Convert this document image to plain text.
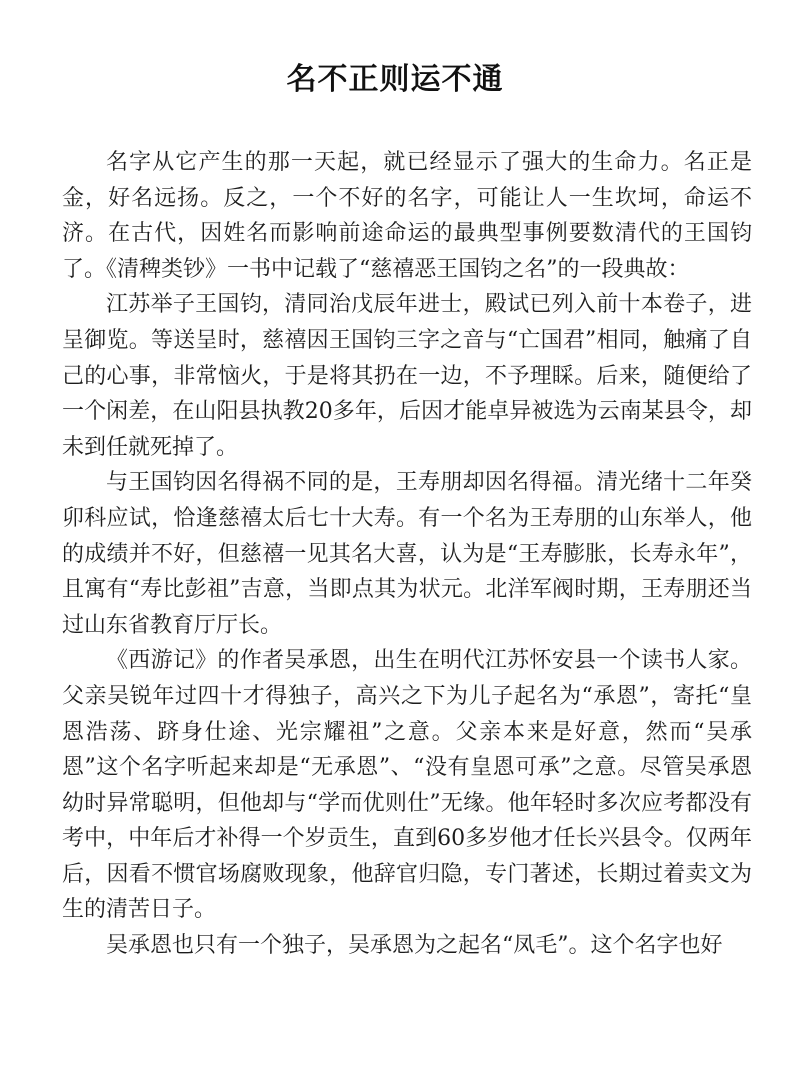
名不正则运不通

名字从它产生的那一天起，就已经显示了强大的生命力。名正是金，好名远扬。反之，一个不好的名字，可能让人一生坎坷，命运不济。在古代，因姓名而影响前途命运的最典型事例要数清代的王国钧了。《清稗类钞》一书中记载了“慈禧恶王国钧之名”的一段典故：

江苏举子王国钧，清同治戊辰年进士，殿试已列入前十本卷子，进呈御览。等送呈时，慈禧因王国钧三字之音与“亡国君”相同，触痛了自己的心事，非常恼火，于是将其扔在一边，不予理睬。后来，随便给了一个闲差，在山阳县执教20多年，后因才能卓异被选为云南某县令，却未到任就死掉了。

与王国钧因名得祸不同的是，王寿朋却因名得福。清光绪十二年癸卯科应试，恰逢慈禧太后七十大寿。有一个名为王寿朋的山东举人，他的成绩并不好，但慈禧一见其名大喜，认为是“王寿膨胀，长寿永年”，且寓有“寿比彭祖”吉意，当即点其为状元。北洋军阀时期，王寿朋还当过山东省教育厅厅长。

《西游记》的作者吴承恩，出生在明代江苏怀安县一个读书人家。父亲吴锐年过四十才得独子，高兴之下为儿子起名为“承恩”，寄托“皇恩浩荡、跻身仕途、光宗耀祖”之意。父亲本来是好意，然而“吴承恩”这个名字听起来却是“无承恩”、“没有皇恩可承”之意。尽管吴承恩幼时异常聪明，但他却与“学而优则仕”无缘。他年轻时多次应考都没有考中，中年后才补得一个岁贡生，直到60多岁他才任长兴县令。仅两年后，因看不惯官场腐败现象，他辞官归隐，专门著述，长期过着卖文为生的清苦日子。

吴承恩也只有一个独子，吴承恩为之起名“凤毛”。这个名字也好
